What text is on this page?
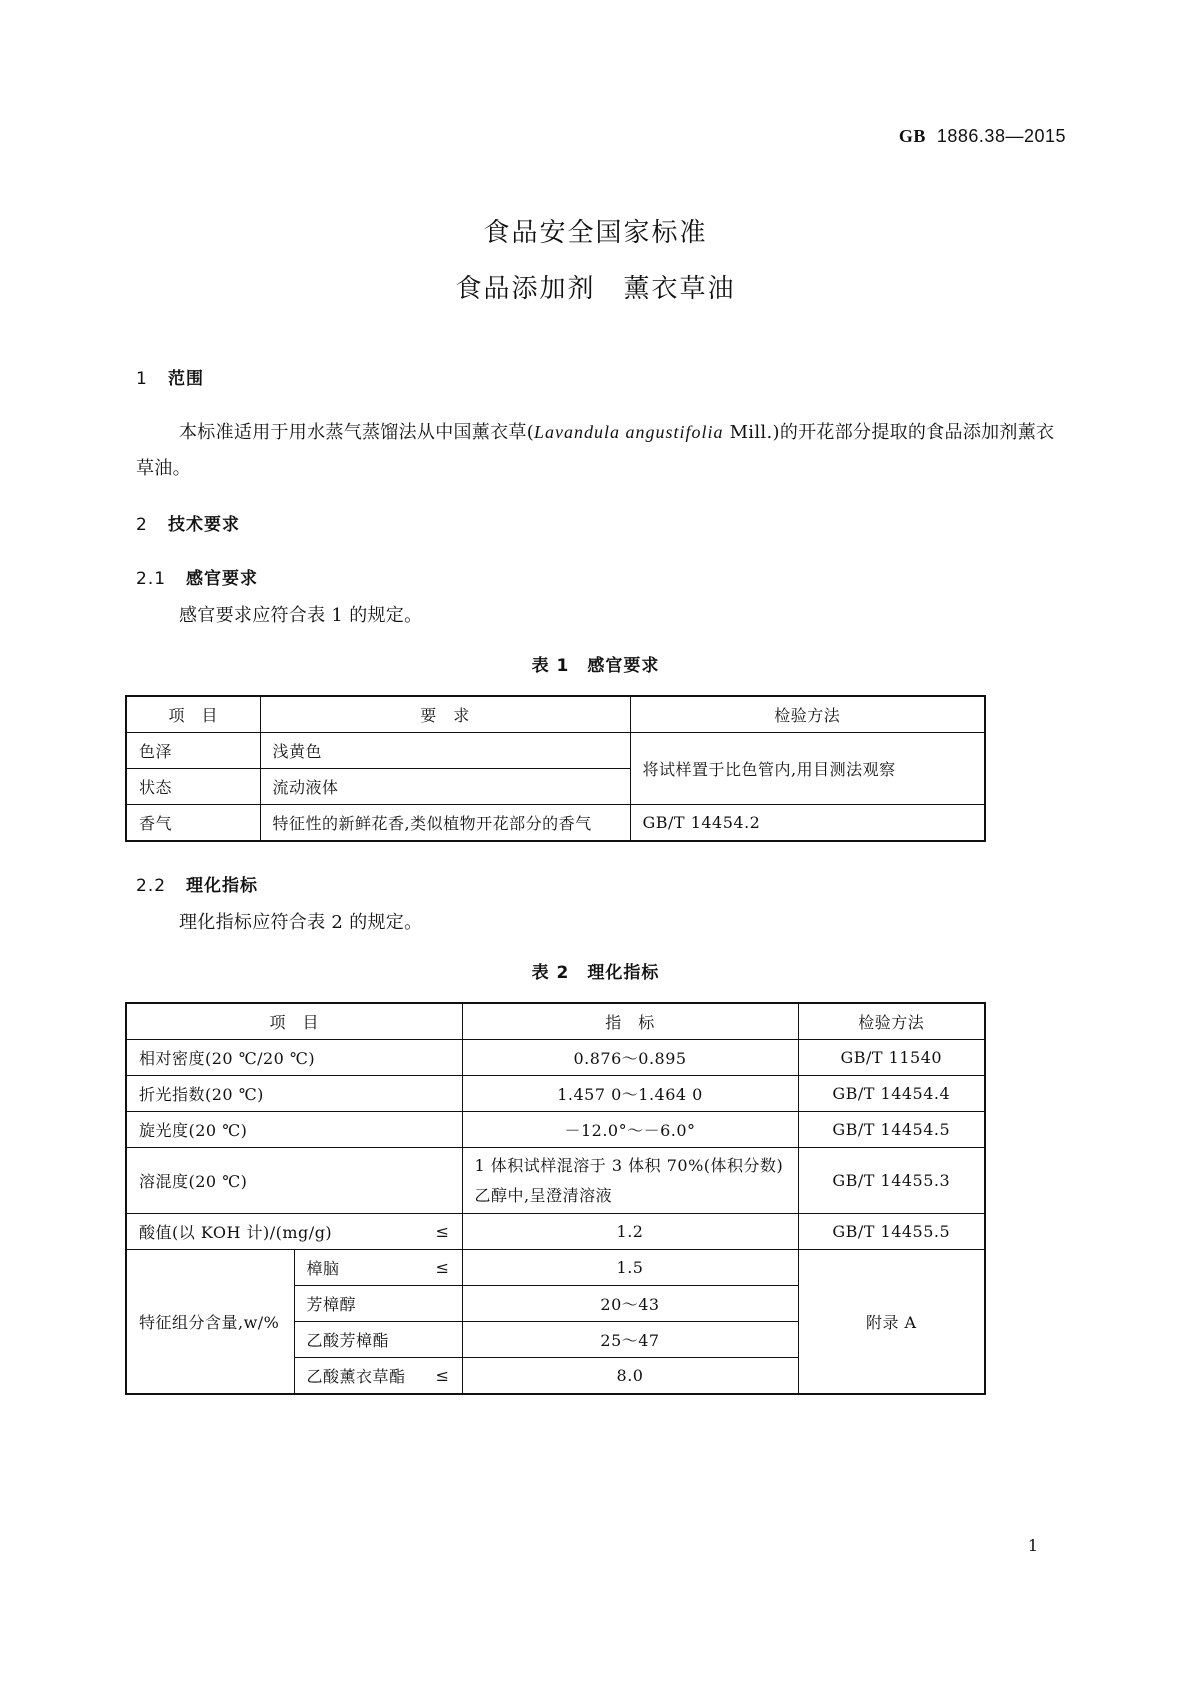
GB 1886.38—2015
食品安全国家标准
食品添加剂　薰衣草油
1 范围
本标准适用于用水蒸气蒸馏法从中国薰衣草(Lavandula angustifolia Mill.)的开花部分提取的食品添加剂薰衣草油。
2 技术要求
2.1 感官要求
感官要求应符合表 1 的规定。
表 1　感官要求
项　目	要　求	检验方法
色泽	浅黄色	将试样置于比色管内,用目测法观察
状态	流动液体	
香气	特征性的新鲜花香,类似植物开花部分的香气	GB/T 14454.2
2.2 理化指标
理化指标应符合表 2 的规定。
表 2　理化指标
项　目		指　标	检验方法
相对密度(20 ℃/20 ℃)		0.876～0.895	GB/T 11540
折光指数(20 ℃)		1.457 0～1.464 0	GB/T 14454.4
旋光度(20 ℃)		－12.0°～－6.0°	GB/T 14454.5
溶混度(20 ℃)		1 体积试样混溶于 3 体积 70%(体积分数)
乙醇中,呈澄清溶液	GB/T 14455.3

酸值(以 KOH 计)/(mg/g) ≤		1.2	GB/T 14455.5
特征组分含量,w/%	樟脑 ≤	1.5	附录 A
	芳樟醇	20～43	
	乙酸芳樟酯	25～47	

	乙酸薰衣草酯 ≤	8.0	
1
